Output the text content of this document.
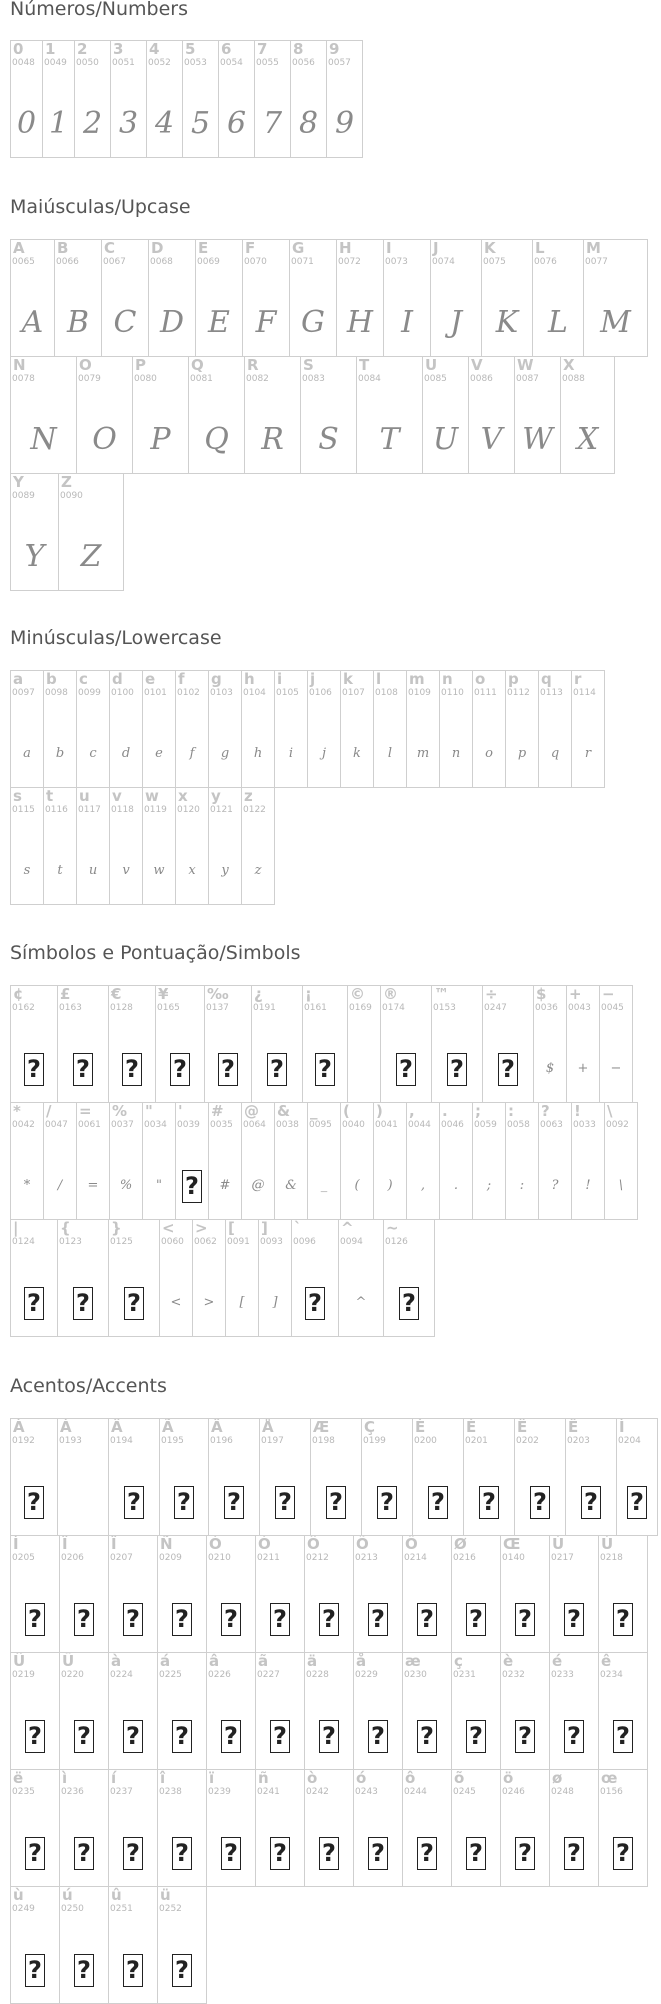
Números/Numbers
0
0048
0
1
0049
1
2
0050
2
3
0051
3
4
0052
4
5
0053
5
6
0054
6
7
0055
7
8
0056
8
9
0057
9
Maiúsculas/Upcase
A
0065
A
B
0066
B
C
0067
C
D
0068
D
E
0069
E
F
0070
F
G
0071
G
H
0072
H
I
0073
I
J
0074
J
K
0075
K
L
0076
L
M
0077
M
N
0078
N
O
0079
O
P
0080
P
Q
0081
Q
R
0082
R
S
0083
S
T
0084
T
U
0085
U
V
0086
V
W
0087
W
X
0088
X
Y
0089
Y
Z
0090
Z
Minúsculas/Lowercase
a
0097
a
b
0098
b
c
0099
c
d
0100
d
e
0101
e
f
0102
f
g
0103
g
h
0104
h
i
0105
i
j
0106
j
k
0107
k
l
0108
l
m
0109
m
n
0110
n
o
0111
o
p
0112
p
q
0113
q
r
0114
r
s
0115
s
t
0116
t
u
0117
u
v
0118
v
w
0119
w
x
0120
x
y
0121
y
z
0122
z
Símbolos e Pontuação/Simbols
¢
0162
?
£
0163
?
€
0128
?
¥
0165
?
‰
0137
?
¿
0191
?
¡
0161
?
©
0169
®
0174
?
™
0153
?
÷
0247
?
$
0036
$
+
0043
+
−
0045
−
*
0042
*
/
0047
/
=
0061
=
%
0037
%
"
0034
"
'
0039
?
#
0035
#
@
0064
@
&
0038
&
_
0095
_
(
0040
(
)
0041
)
,
0044
,
.
0046
.
;
0059
;
:
0058
:
?
0063
?
!
0033
!
\
0092
\
|
0124
?
{
0123
?
}
0125
?
<
0060
<
>
0062
>
[
0091
[
]
0093
]
`
0096
?
^
0094
^
~
0126
?
Acentos/Accents
À
0192
?
Á
0193
Â
0194
?
Ã
0195
?
Ä
0196
?
Å
0197
?
Æ
0198
?
Ç
0199
?
È
0200
?
É
0201
?
Ê
0202
?
Ë
0203
?
Ì
0204
?
Í
0205
?
Î
0206
?
Ï
0207
?
Ñ
0209
?
Ò
0210
?
Ó
0211
?
Ô
0212
?
Õ
0213
?
Ö
0214
?
Ø
0216
?
Œ
0140
?
Ù
0217
?
Ú
0218
?
Û
0219
?
Ü
0220
?
à
0224
?
á
0225
?
â
0226
?
ã
0227
?
ä
0228
?
å
0229
?
æ
0230
?
ç
0231
?
è
0232
?
é
0233
?
ê
0234
?
ë
0235
?
ì
0236
?
í
0237
?
î
0238
?
ï
0239
?
ñ
0241
?
ò
0242
?
ó
0243
?
ô
0244
?
õ
0245
?
ö
0246
?
ø
0248
?
œ
0156
?
ù
0249
?
ú
0250
?
û
0251
?
ü
0252
?
